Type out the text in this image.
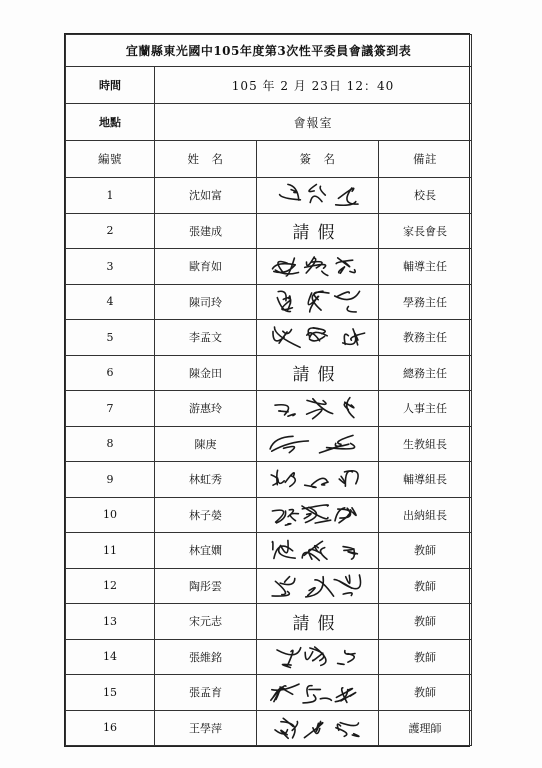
宜蘭縣東光國中105年度第3次性平委員會議簽到表			
時間	105 年 2 月 23日 12：40		
地點	會報室		
編號	姓　名	簽　名	備註
1	沈如富		校長
2	張建成	請假	家長會長
3	歐育如		輔導主任
4	陳司玲		學務主任
5	李孟文		教務主任
6	陳金田	請假	總務主任
7	游惠玲		人事主任
8	陳庚		生教組長
9	林虹秀		輔導組長
10	林子嫈		出納組長
11	林宜嫺		教師
12	陶彤雲		教師
13	宋元志	請假	教師
14	張維銘		教師
15	張孟育		教師
16	王學萍		護理師
